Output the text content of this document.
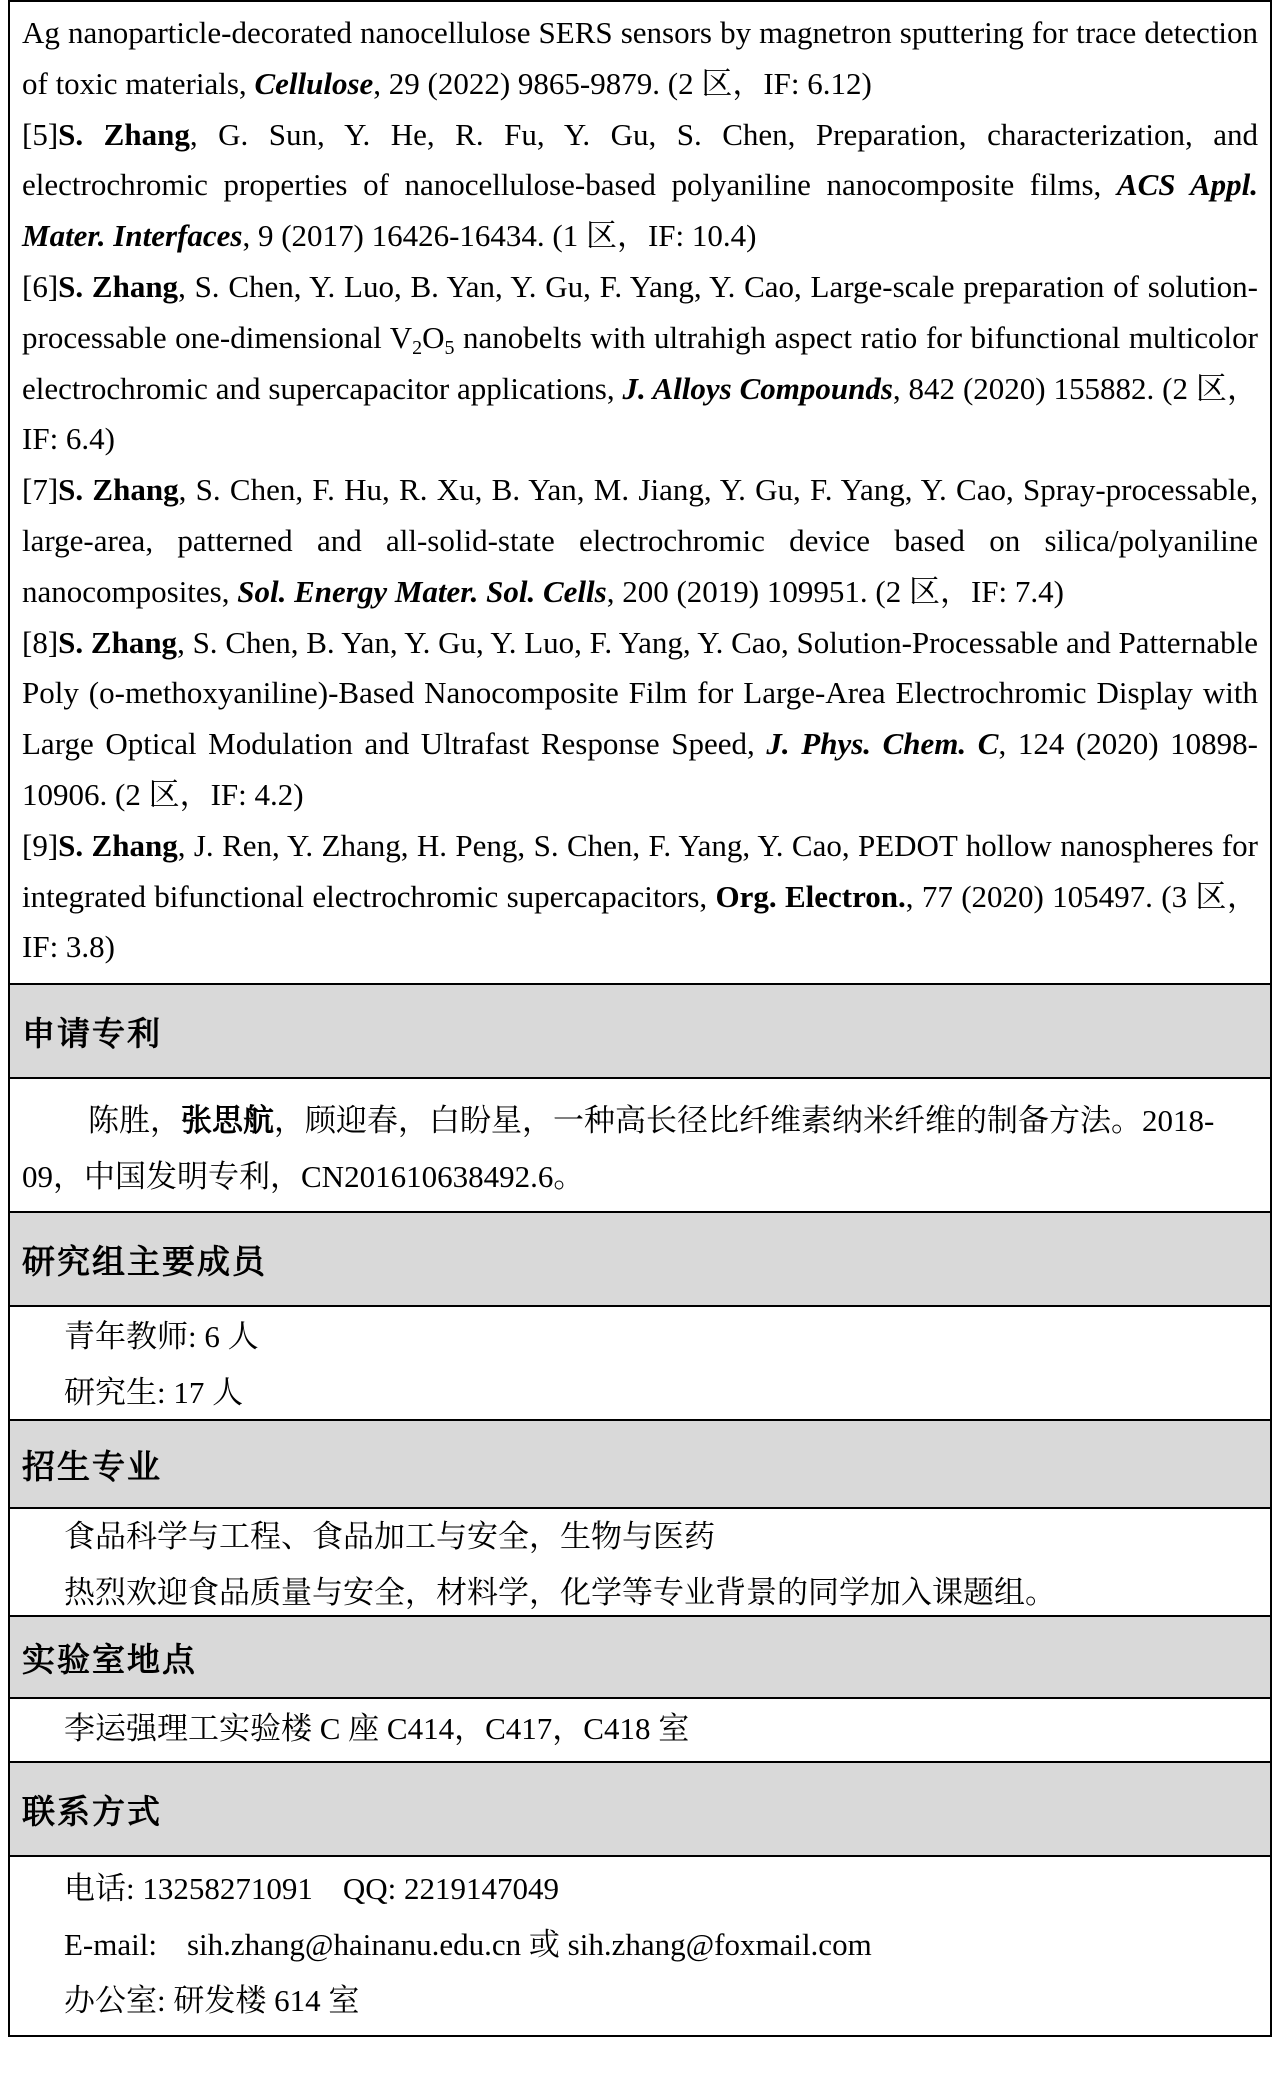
Ag nanoparticle-decorated nanocellulose SERS sensors by magnetron sputtering for trace detection of toxic materials, Cellulose, 29 (2022) 9865-9879. (2 区，IF: 6.12)

[5]S. Zhang, G. Sun, Y. He, R. Fu, Y. Gu, S. Chen, Preparation, characterization, and electrochromic properties of nanocellulose-based polyaniline nanocomposite films, ACS Appl. Mater. Interfaces, 9 (2017) 16426-16434. (1 区，IF: 10.4)

[6]S. Zhang, S. Chen, Y. Luo, B. Yan, Y. Gu, F. Yang, Y. Cao, Large-scale preparation of solution-processable one-dimensional $V_2O_5$ nanobelts with ultrahigh aspect ratio for bifunctional multicolor electrochromic and supercapacitor applications, J. Alloys Compounds, 842 (2020) 155882. (2 区，IF: 6.4)

[7]S. Zhang, S. Chen, F. Hu, R. Xu, B. Yan, M. Jiang, Y. Gu, F. Yang, Y. Cao, Spray-processable, large-area, patterned and all-solid-state electrochromic device based on silica/polyaniline nanocomposites, Sol. Energy Mater. Sol. Cells, 200 (2019) 109951. (2 区，IF: 7.4)

[8]S. Zhang, S. Chen, B. Yan, Y. Gu, Y. Luo, F. Yang, Y. Cao, Solution-Processable and Patternable Poly (o-methoxyaniline)-Based Nanocomposite Film for Large-Area Electrochromic Display with Large Optical Modulation and Ultrafast Response Speed, J. Phys. Chem. C, 124 (2020) 10898-10906. (2 区，IF: 4.2)

[9]S. Zhang, J. Ren, Y. Zhang, H. Peng, S. Chen, F. Yang, Y. Cao, PEDOT hollow nanospheres for integrated bifunctional electrochromic supercapacitors, Org. Electron., 77 (2020) 105497. (3 区，IF: 3.8)

申请专利

陈胜，张思航，顾迎春，白盼星，一种高长径比纤维素纳米纤维的制备方法。2018-09，中国发明专利，CN201610638492.6。

研究组主要成员

青年教师: 6 人

研究生: 17 人

招生专业

食品科学与工程、食品加工与安全，生物与医药

热烈欢迎食品质量与安全，材料学，化学等专业背景的同学加入课题组。

实验室地点

李运强理工实验楼 C 座 C414，C417，C418 室

联系方式

电话: 13258271091 QQ: 2219147049

E-mail: sih.zhang@hainanu.edu.cn 或 sih.zhang@foxmail.com

办公室: 研发楼 614 室
